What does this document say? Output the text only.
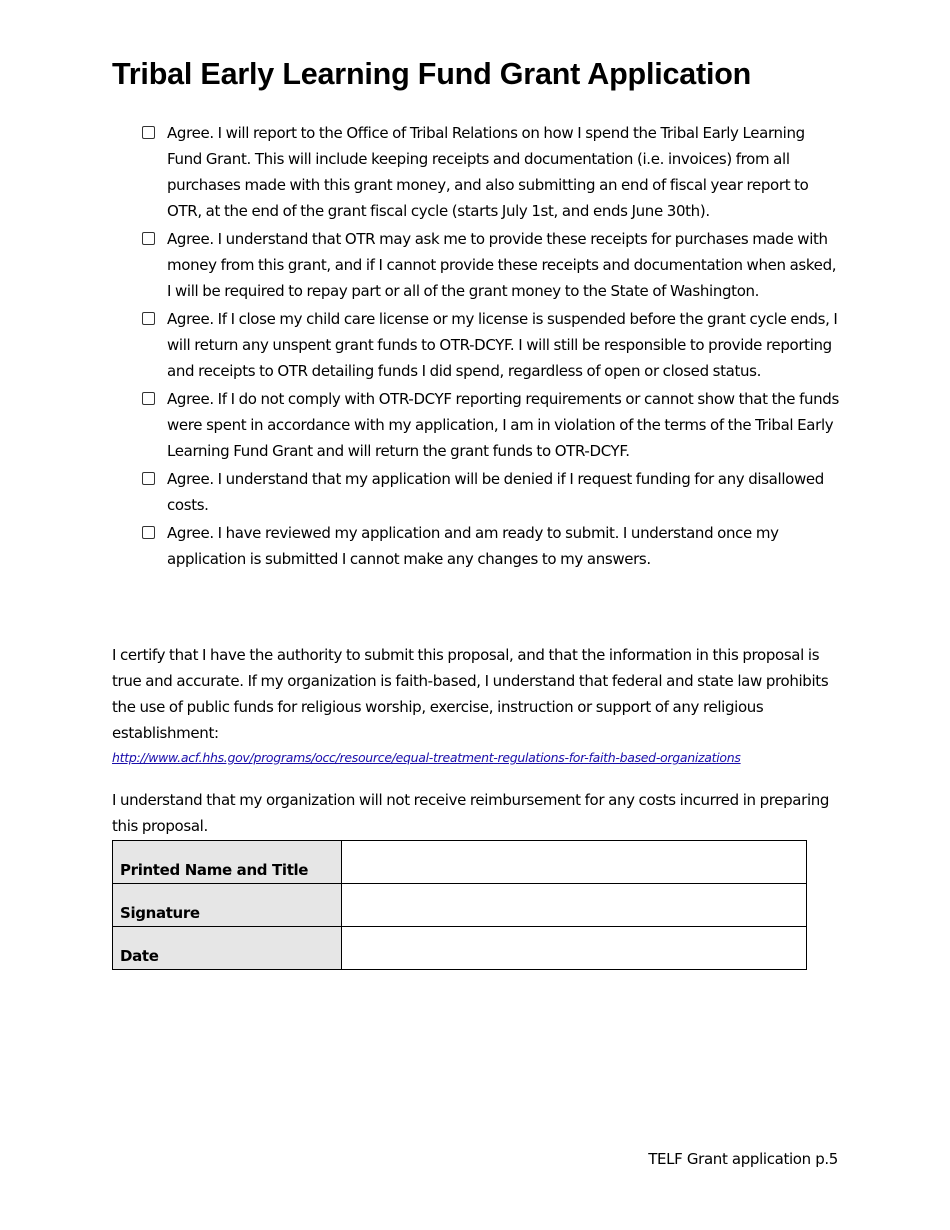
Tribal Early Learning Fund Grant Application
Agree. I will report to the Office of Tribal Relations on how I spend the Tribal Early Learning Fund Grant. This will include keeping receipts and documentation (i.e. invoices) from all purchases made with this grant money, and also submitting an end of fiscal year report to OTR, at the end of the grant fiscal cycle (starts July 1st, and ends June 30th).
Agree. I understand that OTR may ask me to provide these receipts for purchases made with money from this grant, and if I cannot provide these receipts and documentation when asked, I will be required to repay part or all of the grant money to the State of Washington.
Agree. If I close my child care license or my license is suspended before the grant cycle ends, I will return any unspent grant funds to OTR-DCYF. I will still be responsible to provide reporting and receipts to OTR detailing funds I did spend, regardless of open or closed status.
Agree. If I do not comply with OTR-DCYF reporting requirements or cannot show that the funds were spent in accordance with my application, I am in violation of the terms of the Tribal Early Learning Fund Grant and will return the grant funds to OTR-DCYF.
Agree. I understand that my application will be denied if I request funding for any disallowed costs.
Agree. I have reviewed my application and am ready to submit. I understand once my application is submitted I cannot make any changes to my answers.

I certify that I have the authority to submit this proposal, and that the information in this proposal is true and accurate. If my organization is faith-based, I understand that federal and state law prohibits the use of public funds for religious worship, exercise, instruction or support of any religious establishment:

http://www.acf.hhs.gov/programs/occ/resource/equal-treatment-regulations-for-faith-based-organizations

I understand that my organization will not receive reimbursement for any costs incurred in preparing this proposal.

Printed Name and Title	
Signature	
Date	
TELF Grant application p.5
